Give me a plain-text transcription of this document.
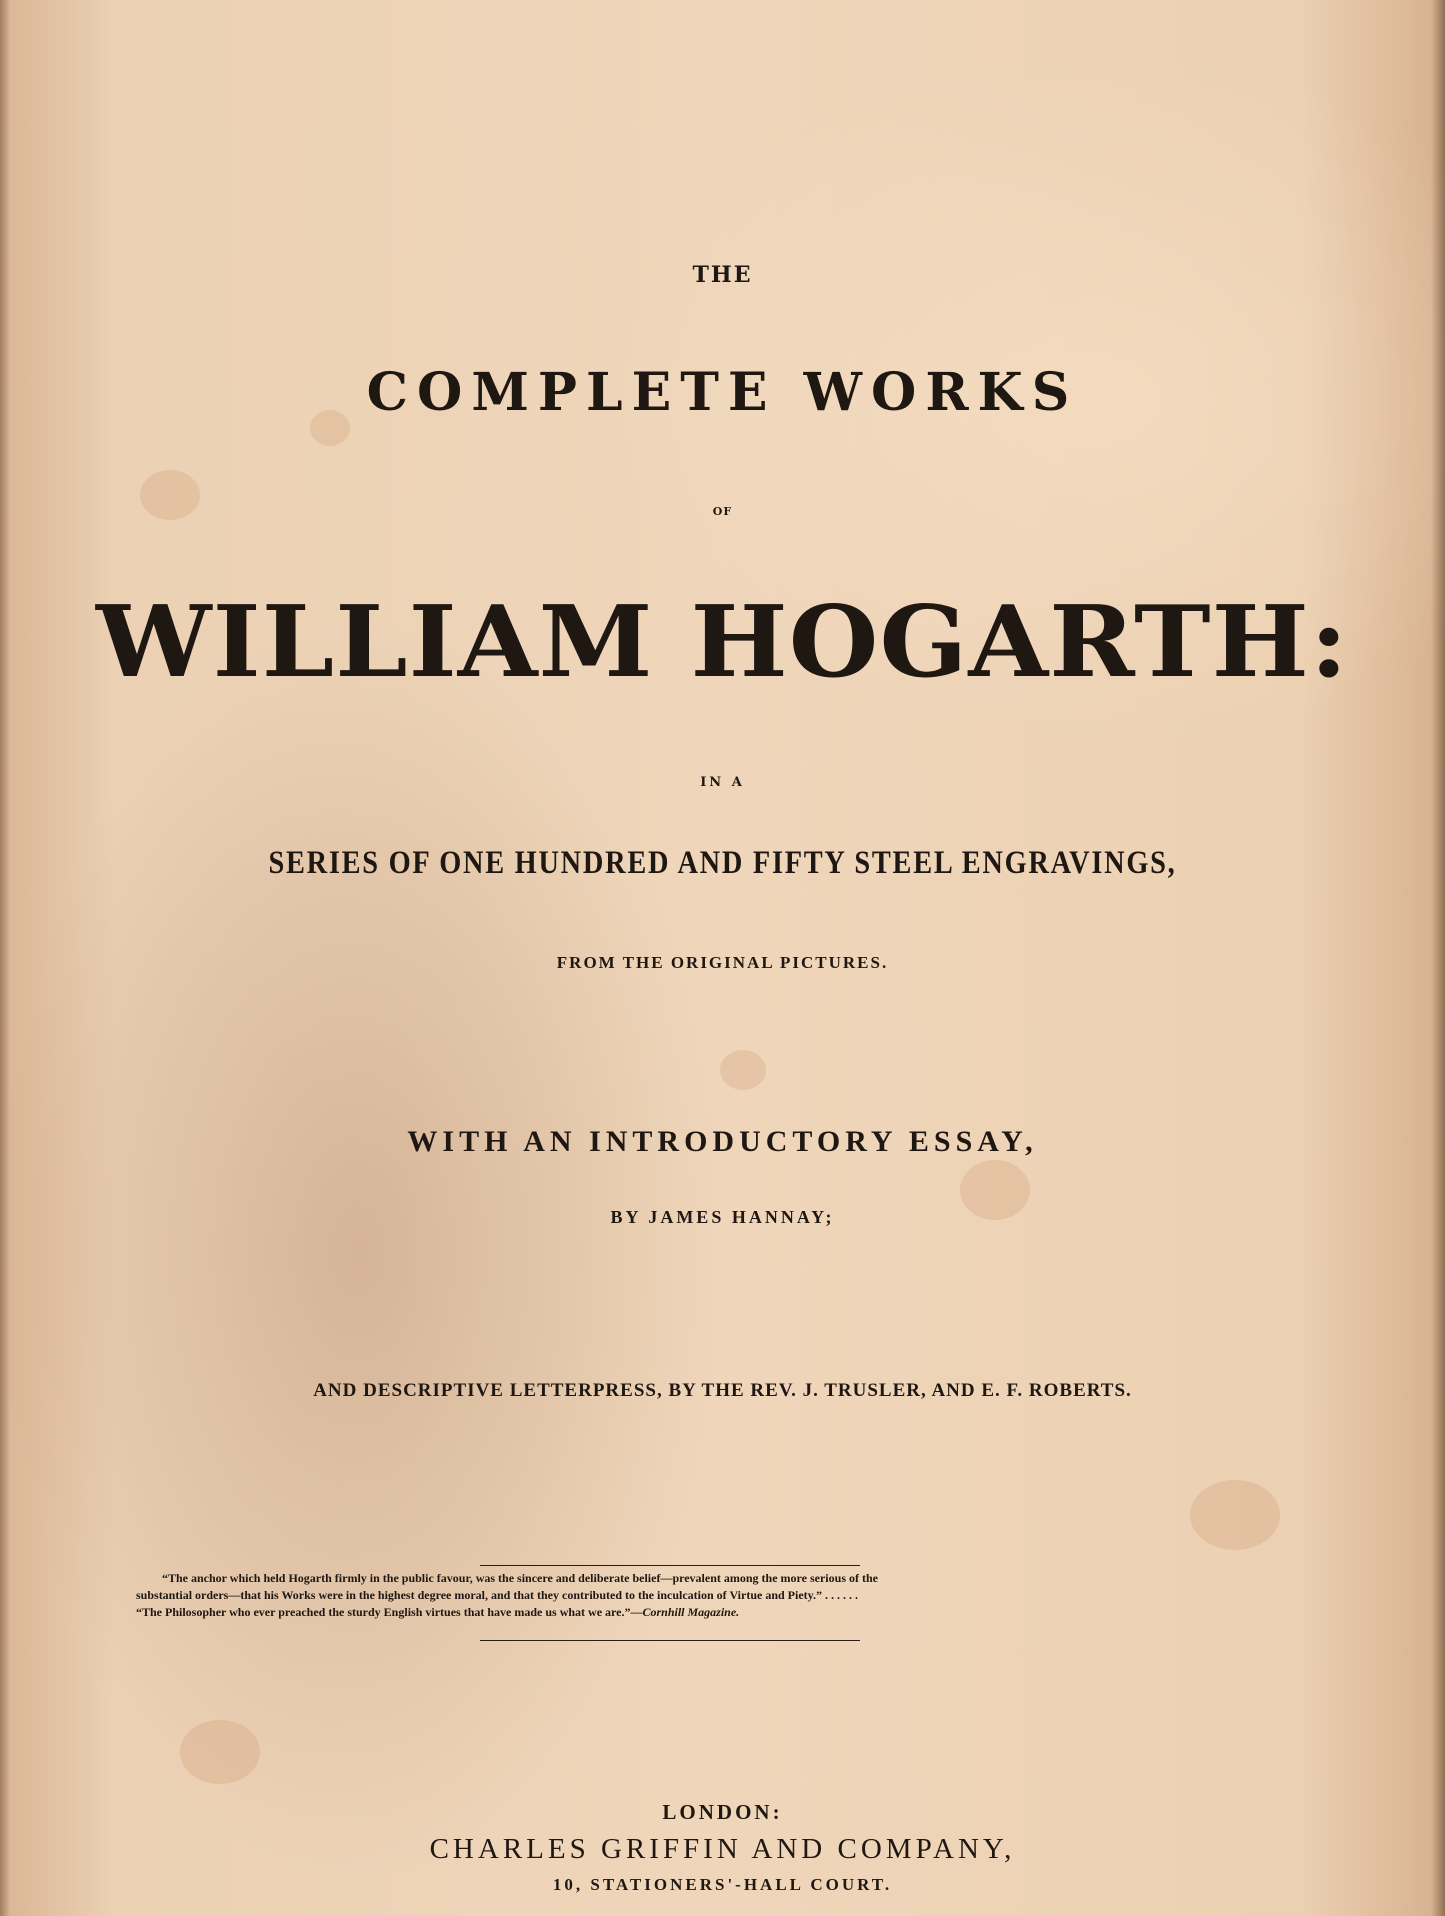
THE
COMPLETE WORKS
OF
WILLIAM HOGARTH:
IN A
SERIES OF ONE HUNDRED AND FIFTY STEEL ENGRAVINGS,
FROM THE ORIGINAL PICTURES.
WITH AN INTRODUCTORY ESSAY,
BY JAMES HANNAY;
AND DESCRIPTIVE LETTERPRESS, BY THE REV. J. TRUSLER, AND E. F. ROBERTS.
“The anchor which held Hogarth firmly in the public favour, was the sincere and deliberate belief—prevalent among the more serious of the
substantial orders—that his Works were in the highest degree moral, and that they contributed to the inculcation of Virtue and Piety.” . . . . . .
“The Philosopher who ever preached the sturdy English virtues that have made us what we are.”—Cornhill Magazine.
LONDON:
CHARLES GRIFFIN AND COMPANY,
10, STATIONERS'-HALL COURT.
